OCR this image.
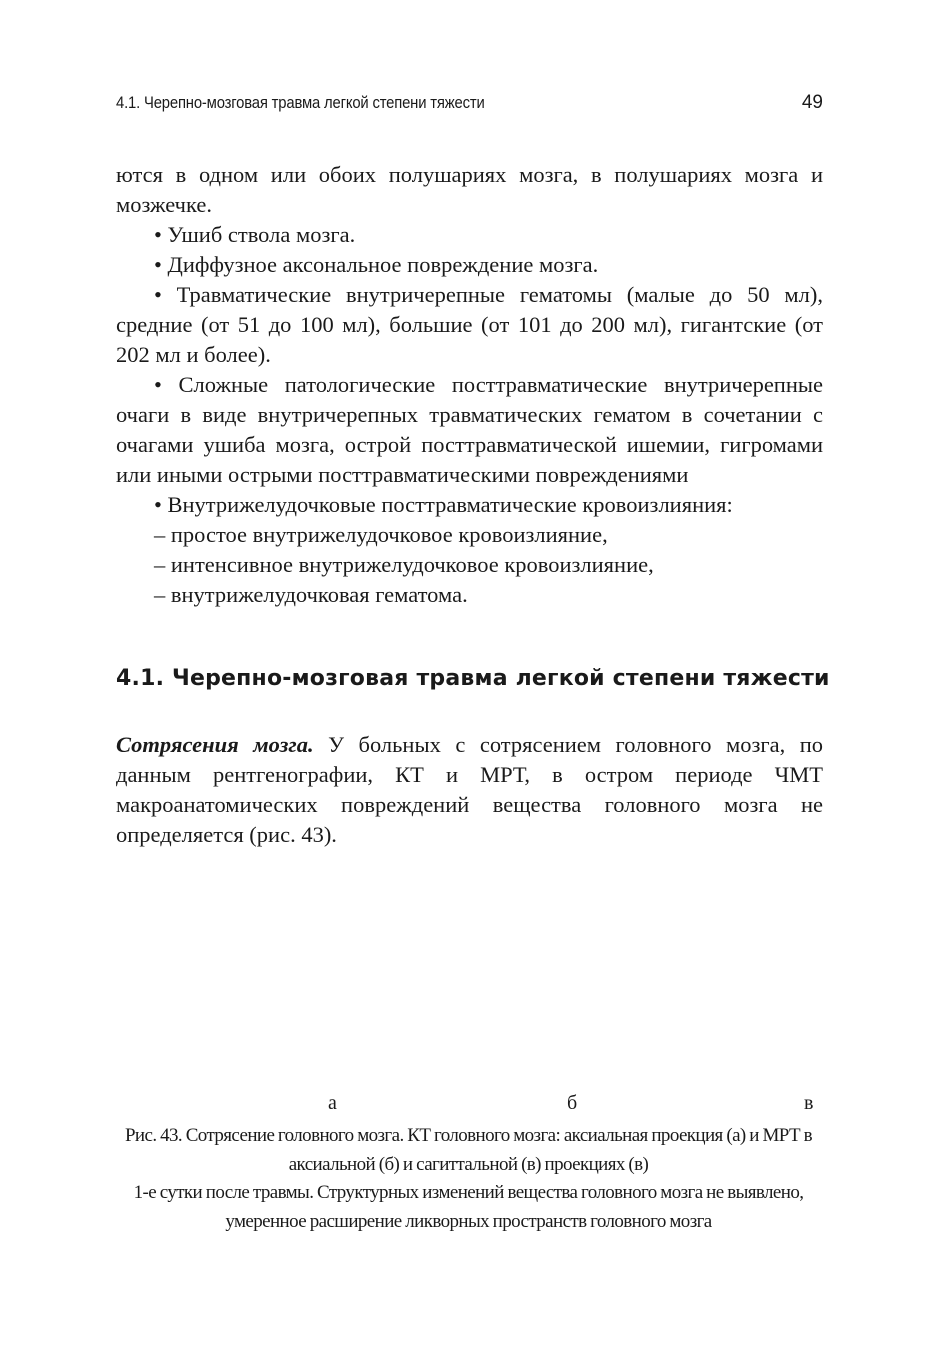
4.1. Черепно-мозговая травма легкой степени тяжести	49

ются в одном или обоих полушариях мозга, в полушариях мозга и мозжечке.

• Ушиб ствола мозга.

• Диффузное аксональное повреждение мозга.

• Травматические внутричерепные гематомы (малые до 50 мл), средние (от 51 до 100 мл), большие (от 101 до 200 мл), гигантские (от 202 мл и более).

• Сложные патологические посттравматические внутричерепные очаги в виде внутричерепных травматических гематом в сочетании с очагами ушиба мозга, острой посттравматической ишемии, гигромами или иными острыми посттравматическими повреждениями

• Внутрижелудочковые посттравматические кровоизлияния:

– простое внутрижелудочковое кровоизлияние,

– интенсивное внутрижелудочковое кровоизлияние,

– внутрижелудочковая гематома.

4.1. Черепно-мозговая травма легкой степени тяжести

Сотрясения мозга. У больных с сотрясением головного мозга, по данным рентгенографии, КТ и МРТ, в остром периоде ЧМТ макроанатомических повреждений вещества головного мозга не определяется (рис. 43).

а	б	в

Рис. 43. Сотрясение головного мозга. КТ головного мозга: аксиальная проекция (а) и МРТ в аксиальной (б) и сагиттальной (в) проекциях (в)

1-е сутки после травмы. Структурных изменений вещества головного мозга не выявлено, умеренное расширение ликворных пространств головного мозга
